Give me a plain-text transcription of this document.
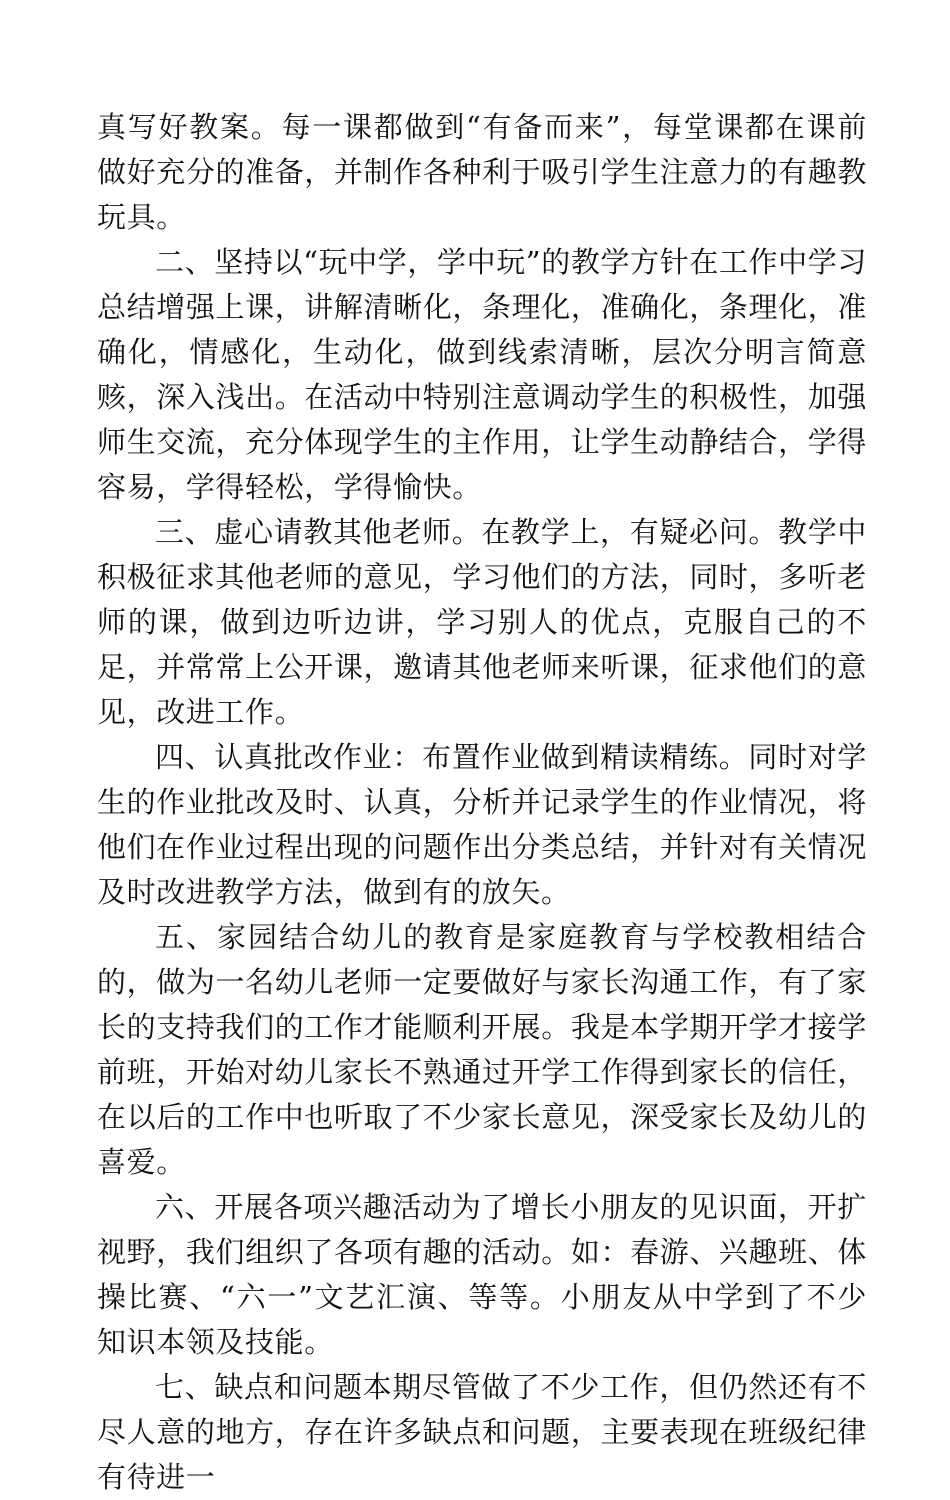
真写好教案。每一课都做到“有备而来”，每堂课都在课前做好充分的准备，并制作各种利于吸引学生注意力的有趣教玩具。

二、坚持以“玩中学，学中玩”的教学方针在工作中学习总结增强上课，讲解清晰化，条理化，准确化，条理化，准确化，情感化，生动化，做到线索清晰，层次分明言简意赅，深入浅出。在活动中特别注意调动学生的积极性，加强师生交流，充分体现学生的主作用，让学生动静结合，学得容易，学得轻松，学得愉快。

三、虚心请教其他老师。在教学上，有疑必问。教学中积极征求其他老师的意见，学习他们的方法，同时，多听老师的课，做到边听边讲，学习别人的优点，克服自己的不足，并常常上公开课，邀请其他老师来听课，征求他们的意见，改进工作。

四、认真批改作业：布置作业做到精读精练。同时对学生的作业批改及时、认真，分析并记录学生的作业情况，将他们在作业过程出现的问题作出分类总结，并针对有关情况及时改进教学方法，做到有的放矢。

五、家园结合幼儿的教育是家庭教育与学校教相结合的，做为一名幼儿老师一定要做好与家长沟通工作，有了家长的支持我们的工作才能顺利开展。我是本学期开学才接学前班，开始对幼儿家长不熟通过开学工作得到家长的信任，在以后的工作中也听取了不少家长意见，深受家长及幼儿的喜爱。

六、开展各项兴趣活动为了增长小朋友的见识面，开扩视野，我们组织了各项有趣的活动。如：春游、兴趣班、体操比赛、“六一”文艺汇演、等等。小朋友从中学到了不少知识本领及技能。

七、缺点和问题本期尽管做了不少工作，但仍然还有不尽人意的地方，存在许多缺点和问题，主要表现在班级纪律有待进一
